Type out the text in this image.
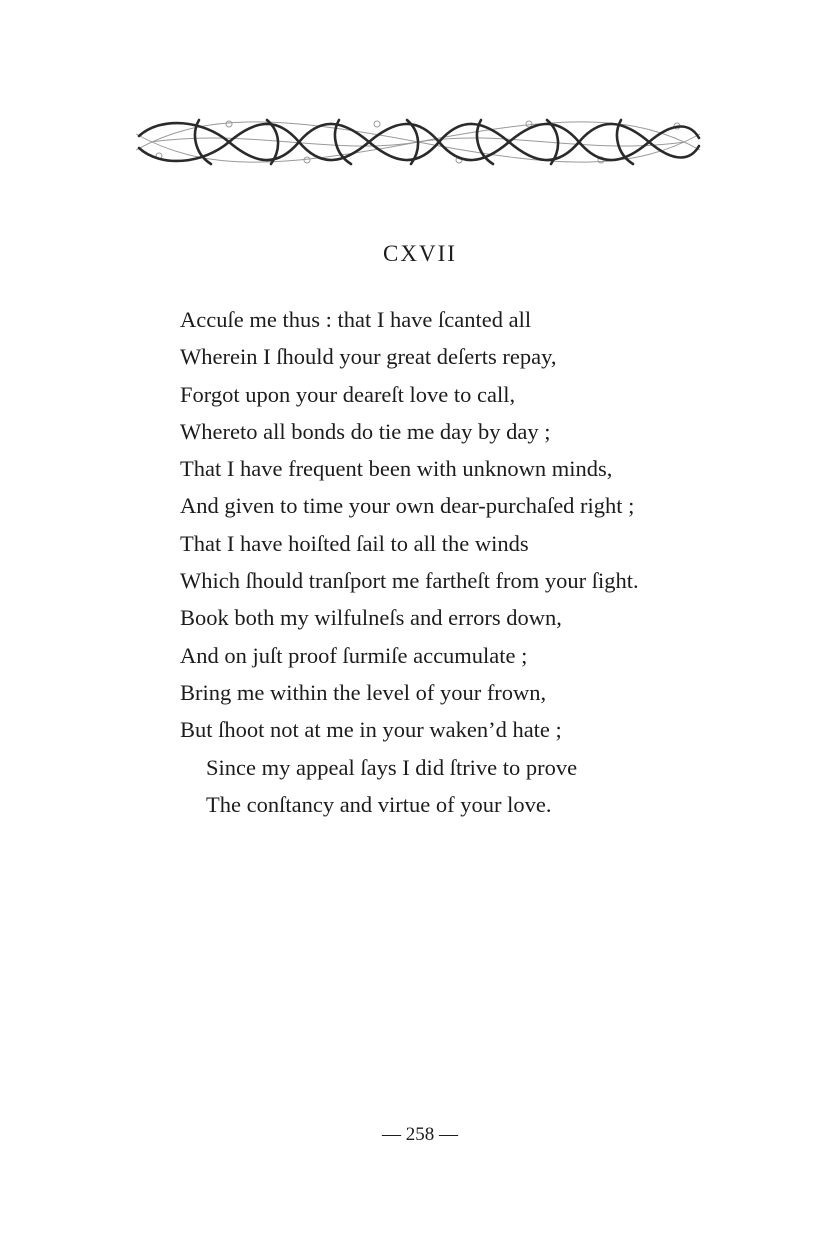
CXVII
Accuſe me thus : that I have ſcanted all
Wherein I ſhould your great deſerts repay,
Forgot upon your deareſt love to call,
Whereto all bonds do tie me day by day ;
That I have frequent been with unknown minds,
And given to time your own dear-purchaſed right ;
That I have hoiſted ſail to all the winds
Which ſhould tranſport me fartheſt from your ſight.
Book both my wilfulneſs and errors down,
And on juſt proof ſurmiſe accumulate ;
Bring me within the level of your frown,
But ſhoot not at me in your waken’d hate ;
Since my appeal ſays I did ſtrive to prove
The conſtancy and virtue of your love.
— 258 —
